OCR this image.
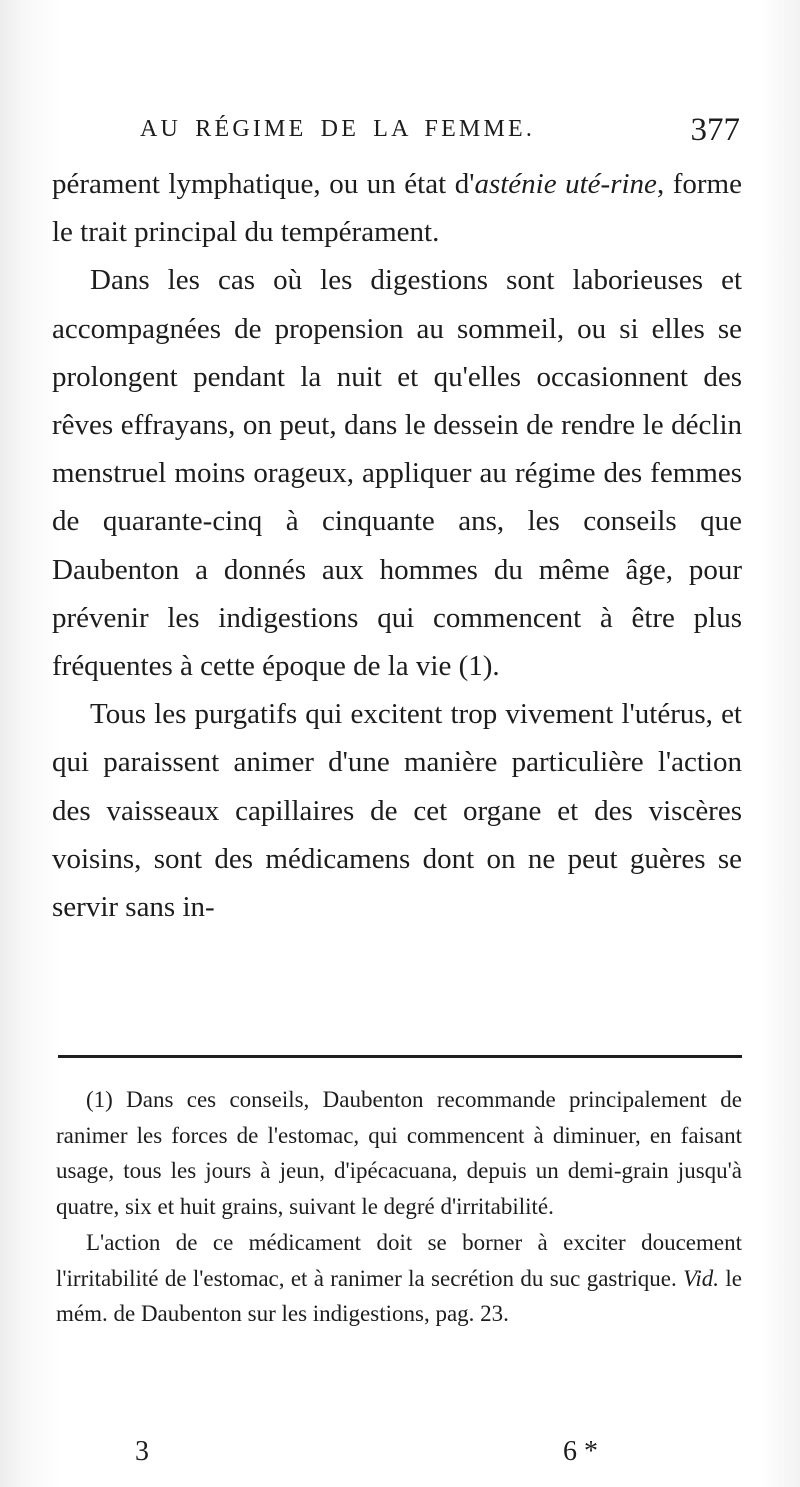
AU RÉGIME DE LA FEMME.	377

pérament lymphatique, ou un état d'asténie uté-rine, forme le trait principal du tempérament.

Dans les cas où les digestions sont laborieuses et accompagnées de propension au sommeil, ou si elles se prolongent pendant la nuit et qu'elles occasionnent des rêves effrayans, on peut, dans le dessein de rendre le déclin menstruel moins orageux, appliquer au régime des femmes de quarante-cinq à cinquante ans, les conseils que Daubenton a donnés aux hommes du même âge, pour prévenir les indigestions qui commencent à être plus fréquentes à cette époque de la vie (1).

Tous les purgatifs qui excitent trop vivement l'utérus, et qui paraissent animer d'une manière particulière l'action des vaisseaux capillaires de cet organe et des viscères voisins, sont des médicamens dont on ne peut guères se servir sans in-

(1) Dans ces conseils, Daubenton recommande principalement de ranimer les forces de l'estomac, qui commencent à diminuer, en faisant usage, tous les jours à jeun, d'ipécacuana, depuis un demi-grain jusqu'à quatre, six et huit grains, suivant le degré d'irritabilité.

L'action de ce médicament doit se borner à exciter doucement l'irritabilité de l'estomac, et à ranimer la secrétion du suc gastrique. Vid. le mém. de Daubenton sur les indigestions, pag. 23.

3	6 *
